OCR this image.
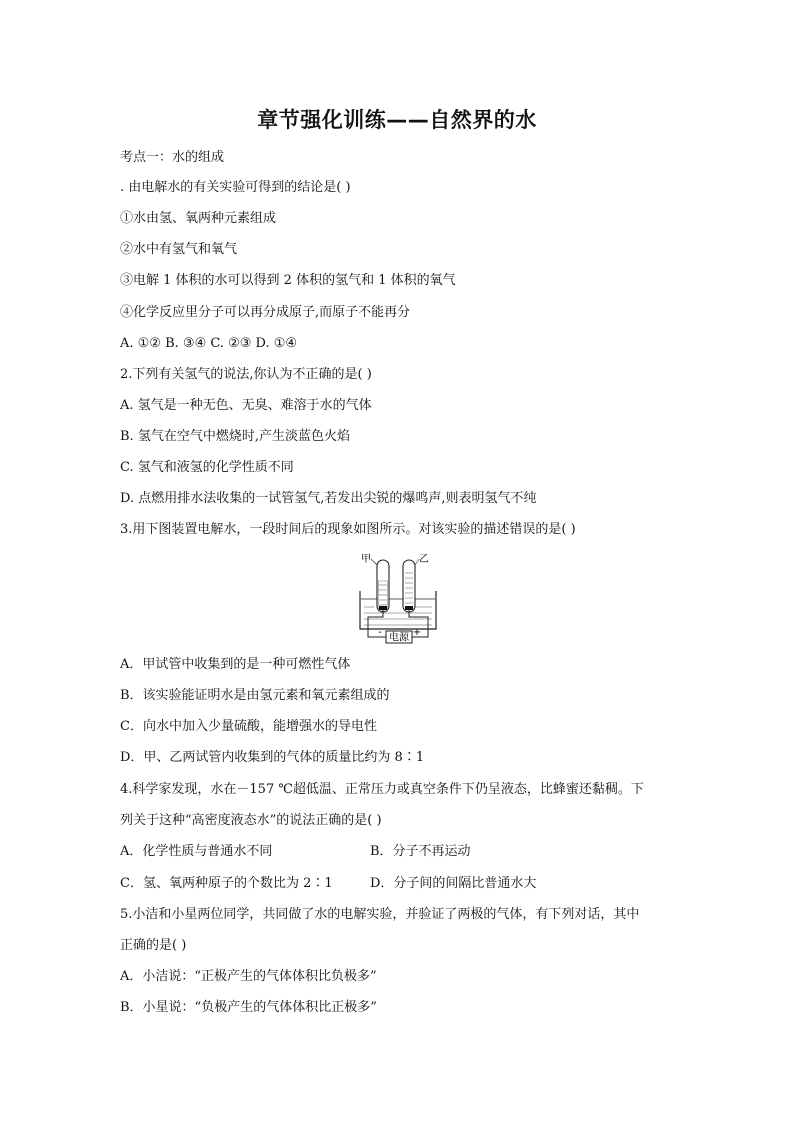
章节强化训练——自然界的水
考点一：水的组成
. 由电解水的有关实验可得到的结论是( )
①水由氢、氧两种元素组成
②水中有氢气和氧气
③电解 1 体积的水可以得到 2 体积的氢气和 1 体积的氧气
④化学反应里分子可以再分成原子,而原子不能再分
A. ①② B. ③④ C. ②③ D. ①④
2.下列有关氢气的说法,你认为不正确的是( )
A. 氢气是一种无色、无臭、难溶于水的气体
B. 氢气在空气中燃烧时,产生淡蓝色火焰
C. 氢气和液氢的化学性质不同
D. 点燃用排水法收集的一试管氢气,若发出尖锐的爆鸣声,则表明氢气不纯
3.用下图装置电解水，一段时间后的现象如图所示。对该实验的描述错误的是( )
电源
-	+
甲	乙
A．甲试管中收集到的是一种可燃性气体
B．该实验能证明水是由氢元素和氧元素组成的
C．向水中加入少量硫酸，能增强水的导电性
D．甲、乙两试管内收集到的气体的质量比约为 8∶1
4.科学家发现，水在－157 ℃超低温、正常压力或真空条件下仍呈液态，比蜂蜜还黏稠。下
列关于这种“高密度液态水”的说法正确的是( )
A．化学性质与普通水不同	B．分子不再运动
C．氢、氧两种原子的个数比为 2∶1	D．分子间的间隔比普通水大
5.小洁和小星两位同学，共同做了水的电解实验，并验证了两极的气体，有下列对话，其中
正确的是( )
A．小洁说：“正极产生的气体体积比负极多”
B．小星说：“负极产生的气体体积比正极多”
